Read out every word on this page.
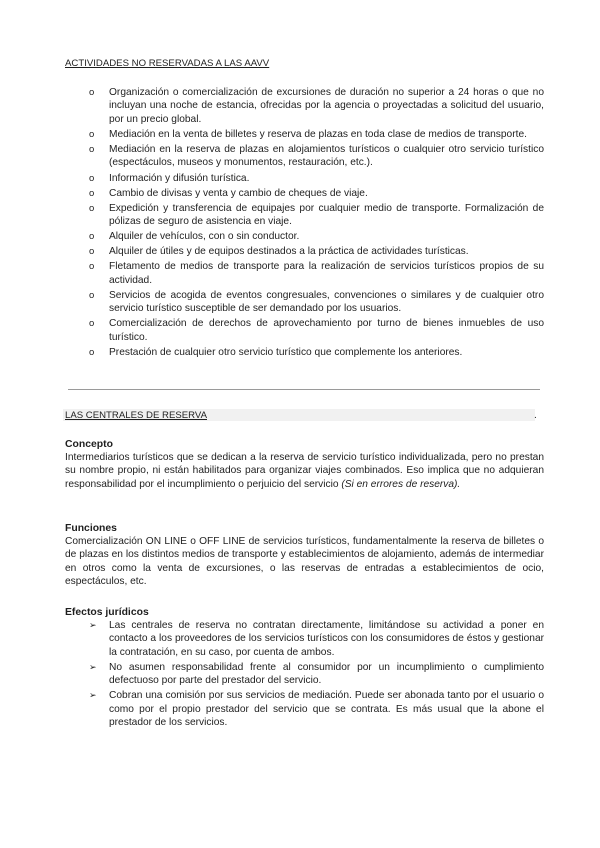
ACTIVIDADES NO RESERVADAS A LAS AAVV
o Organización o comercialización de excursiones de duración no superior a 24 horas o que no incluyan una noche de estancia, ofrecidas por la agencia o proyectadas a solicitud del usuario, por un precio global.
o Mediación en la venta de billetes y reserva de plazas en toda clase de medios de transporte.
o Mediación en la reserva de plazas en alojamientos turísticos o cualquier otro servicio turístico (espectáculos, museos y monumentos, restauración, etc.).
o Información y difusión turística.
o Cambio de divisas y venta y cambio de cheques de viaje.
o Expedición y transferencia de equipajes por cualquier medio de transporte. Formalización de pólizas de seguro de asistencia en viaje.
o Alquiler de vehículos, con o sin conductor.
o Alquiler de útiles y de equipos destinados a la práctica de actividades turísticas.
o Fletamento de medios de transporte para la realización de servicios turísticos propios de su actividad.
o Servicios de acogida de eventos congresuales, convenciones o similares y de cualquier otro servicio turístico susceptible de ser demandado por los usuarios.
o Comercialización de derechos de aprovechamiento por turno de bienes inmuebles de uso turístico.
o Prestación de cualquier otro servicio turístico que complemente los anteriores.
LAS CENTRALES DE RESERVA	.
Concepto
Intermediarios turísticos que se dedican a la reserva de servicio turístico individualizada, pero no prestan su nombre propio, ni están habilitados para organizar viajes combinados. Eso implica que no adquieran responsabilidad por el incumplimiento o perjuicio del servicio (Si en errores de reserva).
Funciones
Comercialización ON LINE o OFF LINE de servicios turísticos, fundamentalmente la reserva de billetes o de plazas en los distintos medios de transporte y establecimientos de alojamiento, además de intermediar en otros como la venta de excursiones, o las reservas de entradas a establecimientos de ocio, espectáculos, etc.
Efectos jurídicos
➢ Las centrales de reserva no contratan directamente, limitándose su actividad a poner en contacto a los proveedores de los servicios turísticos con los consumidores de éstos y gestionar la contratación, en su caso, por cuenta de ambos.
➢ No asumen responsabilidad frente al consumidor por un incumplimiento o cumplimiento defectuoso por parte del prestador del servicio.
➢ Cobran una comisión por sus servicios de mediación. Puede ser abonada tanto por el usuario o como por el propio prestador del servicio que se contrata. Es más usual que la abone el prestador de los servicios.
